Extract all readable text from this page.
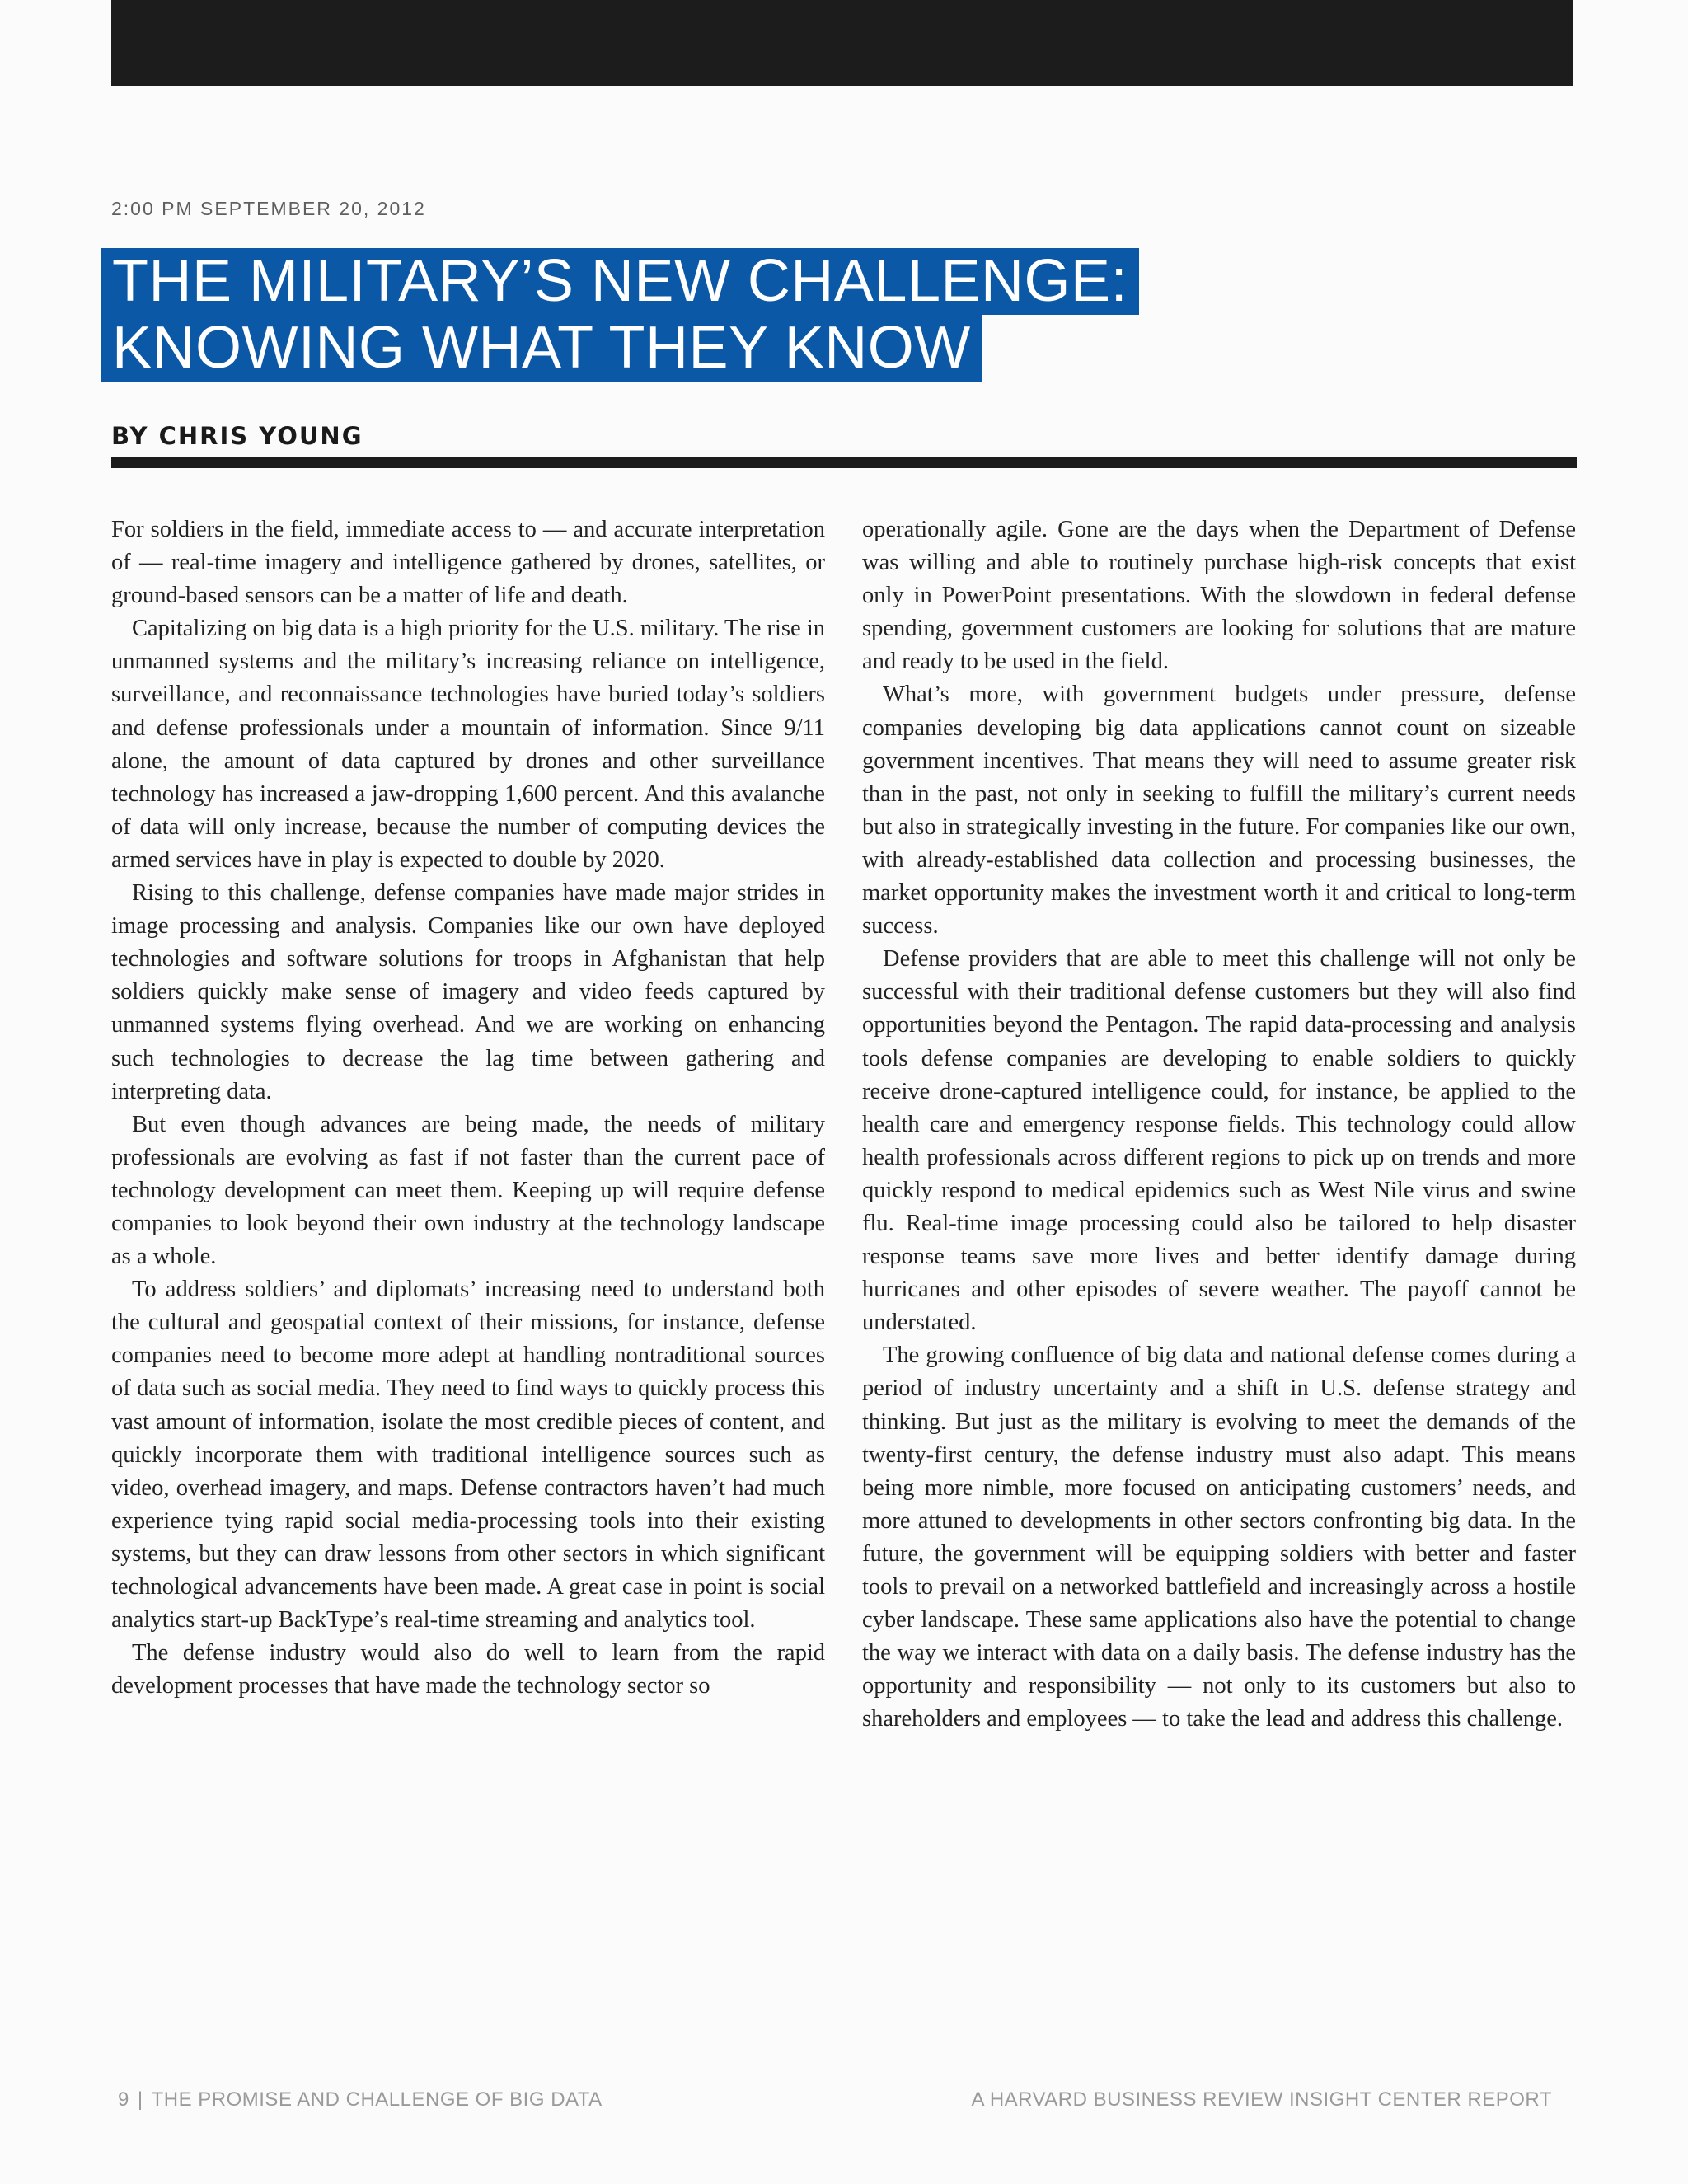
2:00 PM SEPTEMBER 20, 2012
THE MILITARY’S NEW CHALLENGE:
KNOWING WHAT THEY KNOW
BY CHRIS YOUNG

For soldiers in the field, immediate access to — and accurate interpretation of — real-time imagery and intelligence gathered by drones, satellites, or ground-based sensors can be a matter of life and death.

Capitalizing on big data is a high priority for the U.S. military. The rise in unmanned systems and the military’s increasing reliance on intelligence, surveillance, and reconnaissance technologies have buried today’s soldiers and defense professionals under a mountain of information. Since 9/11 alone, the amount of data captured by drones and other surveillance technology has increased a jaw-dropping 1,600 percent. And this avalanche of data will only increase, because the number of computing devices the armed services have in play is expected to double by 2020.

Rising to this challenge, defense companies have made major strides in image processing and analysis. Companies like our own have deployed technologies and software solutions for troops in Afghanistan that help soldiers quickly make sense of imagery and video feeds captured by unmanned systems flying overhead. And we are working on enhancing such technologies to decrease the lag time between gathering and interpreting data.

But even though advances are being made, the needs of military professionals are evolving as fast if not faster than the current pace of technology development can meet them. Keeping up will require defense companies to look beyond their own industry at the technology landscape as a whole.

To address soldiers’ and diplomats’ increasing need to understand both the cultural and geospatial context of their missions, for instance, defense companies need to become more adept at handling nontraditional sources of data such as social media. They need to find ways to quickly process this vast amount of information, isolate the most credible pieces of content, and quickly incorporate them with traditional intelligence sources such as video, overhead imagery, and maps. Defense contractors haven’t had much experience tying rapid social media-processing tools into their existing systems, but they can draw lessons from other sectors in which significant technological advancements have been made. A great case in point is social analytics start-up BackType’s real-time streaming and analytics tool.

The defense industry would also do well to learn from the rapid development processes that have made the technology sector so

operationally agile. Gone are the days when the Department of Defense was willing and able to routinely purchase high-risk concepts that exist only in PowerPoint presentations. With the slowdown in federal defense spending, government customers are looking for solutions that are mature and ready to be used in the field.

What’s more, with government budgets under pressure, defense companies developing big data applications cannot count on sizeable government incentives. That means they will need to assume greater risk than in the past, not only in seeking to fulfill the military’s current needs but also in strategically investing in the future. For companies like our own, with already-established data collection and processing businesses, the market opportunity makes the investment worth it and critical to long-term success.

Defense providers that are able to meet this challenge will not only be successful with their traditional defense customers but they will also find opportunities beyond the Pentagon. The rapid data-processing and analysis tools defense companies are developing to enable soldiers to quickly receive drone-captured intelligence could, for instance, be applied to the health care and emergency response fields. This technology could allow health professionals across different regions to pick up on trends and more quickly respond to medical epidemics such as West Nile virus and swine flu. Real-time image processing could also be tailored to help disaster response teams save more lives and better identify damage during hurricanes and other episodes of severe weather. The payoff cannot be understated.

The growing confluence of big data and national defense comes during a period of industry uncertainty and a shift in U.S. defense strategy and thinking. But just as the military is evolving to meet the demands of the twenty-first century, the defense industry must also adapt. This means being more nimble, more focused on anticipating customers’ needs, and more attuned to developments in other sectors confronting big data. In the future, the government will be equipping soldiers with better and faster tools to prevail on a networked battlefield and increasingly across a hostile cyber landscape. These same applications also have the potential to change the way we interact with data on a daily basis. The defense industry has the opportunity and responsibility — not only to its customers but also to shareholders and employees — to take the lead and address this challenge.

9 | THE PROMISE AND CHALLENGE OF BIG DATA	A HARVARD BUSINESS REVIEW INSIGHT CENTER REPORT
